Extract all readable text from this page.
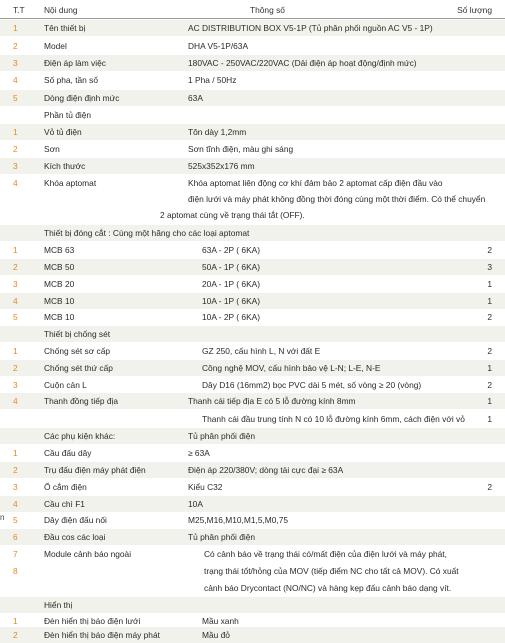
T.T	Nội dung	Thông số	Số lượng
1	Tên thiết bị	AC DISTRIBUTION BOX V5-1P (Tủ phân phối nguồn AC V5 - 1P)
2	Model	DHA V5-1P/63A
3	Điện áp làm việc	180VAC - 250VAC/220VAC (Dải điện áp hoạt động/định mức)
4	Số pha, tần số	1 Pha / 50Hz
5	Dòng điện định mức	63A
Phần tủ điện
1	Vỏ tủ điện	Tôn dày 1,2mm
2	Sơn	Sơn tĩnh điện, màu ghi sáng
3	Kích thước	525x352x176 mm
4	Khóa aptomat	Khóa aptomat liên động cơ khí đảm bảo 2 aptomat cấp điện đầu vào
điện lưới và máy phát không đồng thời đóng cùng một thời điểm. Có thể chuyển
2 aptomat cùng về trạng thái tắt (OFF).
Thiết bị đóng cắt : Cùng một hãng cho các loại aptomat
1	MCB 63	63A - 2P ( 6KA)	2
2	MCB 50	50A - 1P ( 6KA)	3
3	MCB 20	20A - 1P ( 6KA)	1
4	MCB 10	10A - 1P ( 6KA)	1
5	MCB 10	10A - 2P ( 6KA)	2
Thiết bị chống sét
1	Chống sét sơ cấp	GZ 250, cấu hình L, N với đất E	2
2	Chống sét thứ cấp	Công nghệ MOV, cấu hình bảo vệ L-N; L-E, N-E	1
3	Cuộn cản L	Dây D16 (16mm2) bọc PVC dài 5 mét, số vòng ≥ 20 (vòng)	2
4	Thanh đồng tiếp địa	Thanh cái tiếp địa E có 5 lỗ đường kính 8mm	1
Thanh cái đầu trung tính N có 10 lỗ đường kính 6mm, cách điện với vỏ	1
Các phụ kiện khác:	Tủ phân phối điện
1	Cầu đấu dây	≥ 63A
2	Trụ đấu điện máy phát điện	Điện áp 220/380V; dòng tải cực đại ≥ 63A
3	Ổ cắm điện	Kiểu C32	2
4	Cầu chì F1	10A
5	Dây điện đấu nối	M25,M16,M10,M1,5,M0,75
6	Đầu cos các loại	Tủ phân phối điện
7	Module cảnh báo ngoài	Có cảnh báo về trạng thái có/mất điện của điện lưới và máy phát,
8	trạng thái tốt/hỏng của MOV (tiếp điểm NC cho tất cả MOV). Có xuất
cảnh báo Drycontact (NO/NC) và hàng kẹp đấu cảnh báo dạng vít.
Hiển thị
1	Đèn hiển thị báo điện lưới	Mầu xanh
2	Đèn hiển thị báo điện máy phát	Mầu đỏ
n
